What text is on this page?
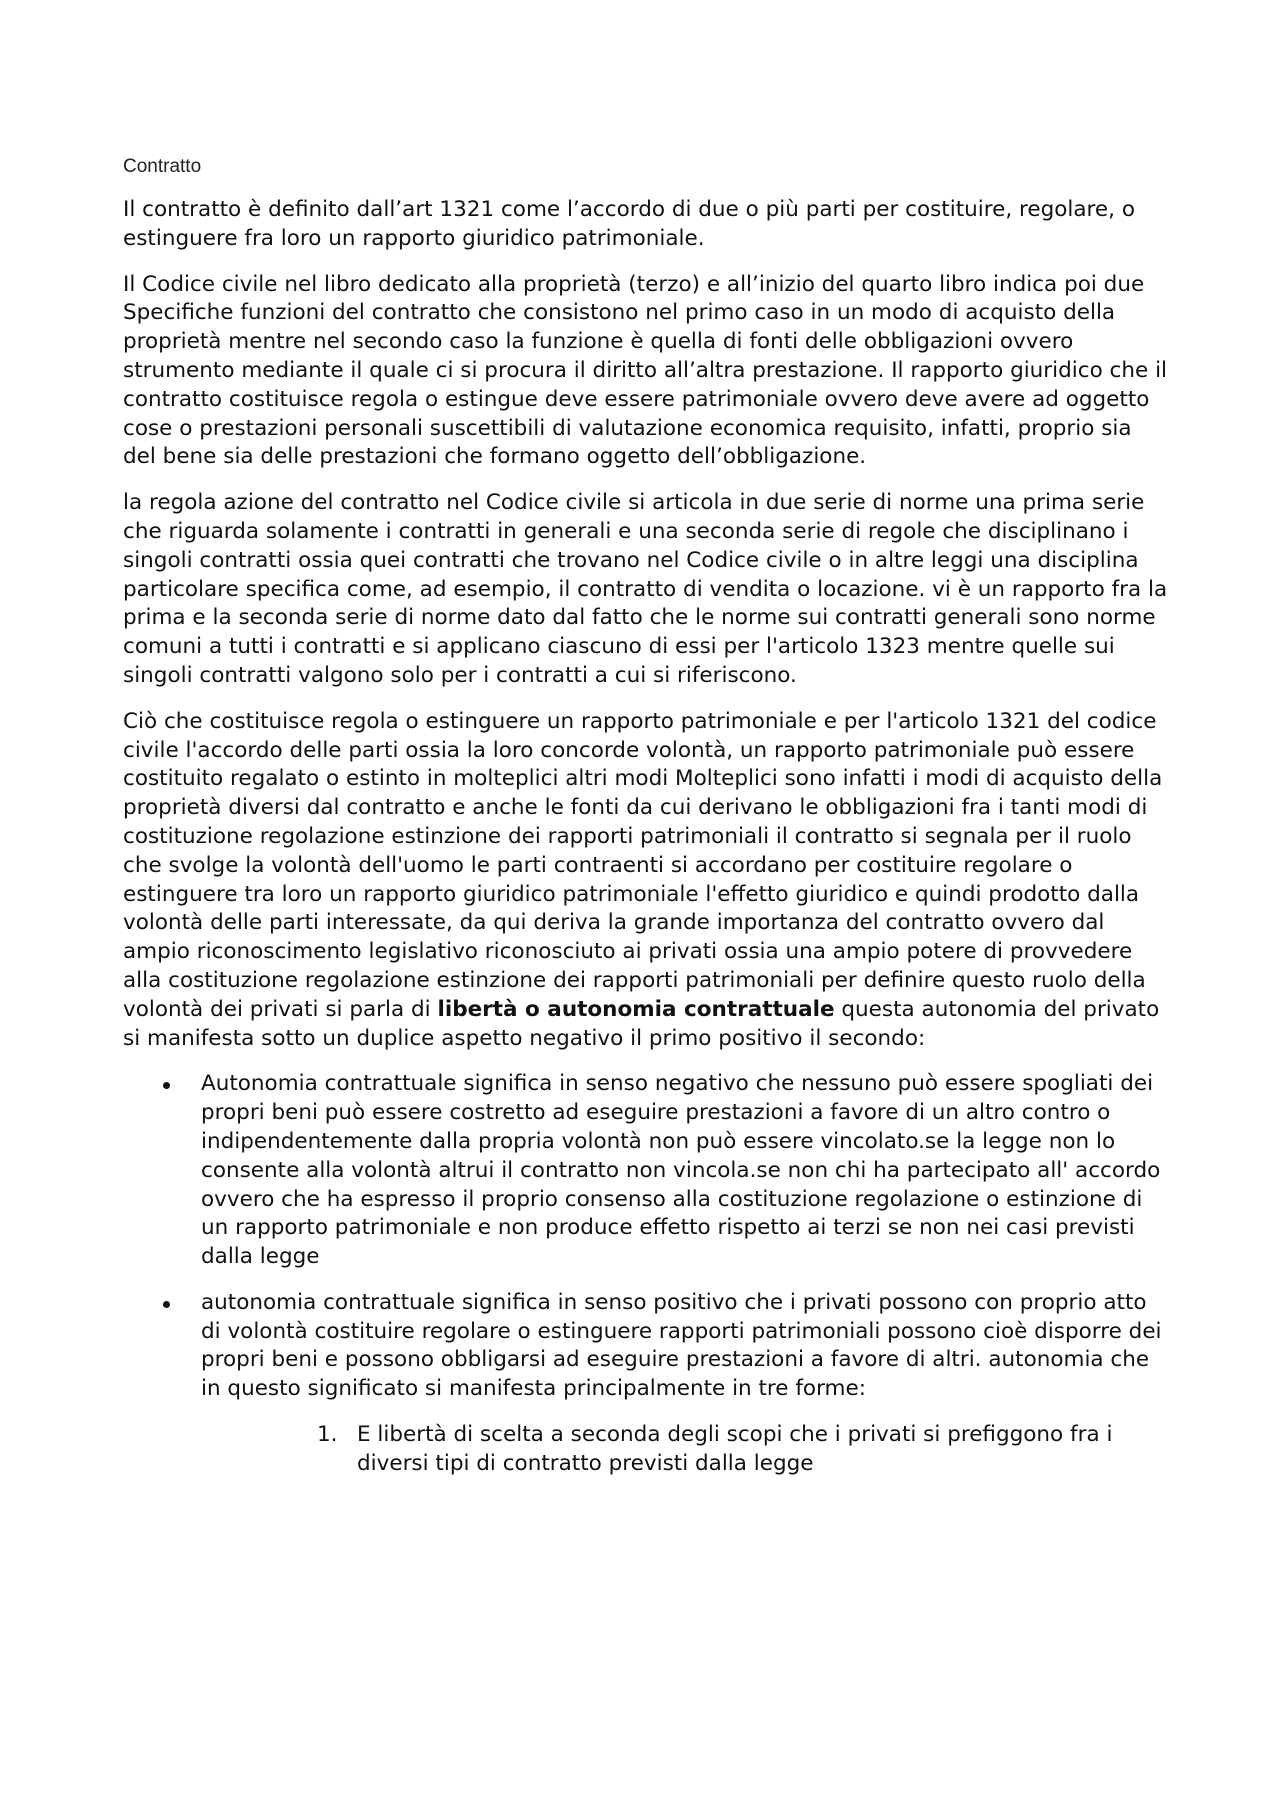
Contratto

Il contratto è definito dall’art 1321 come l’accordo di due o più parti per costituire, regolare, o estinguere fra loro un rapporto giuridico patrimoniale.

Il Codice civile nel libro dedicato alla proprietà (terzo) e all’inizio del quarto libro indica poi due Specifiche funzioni del contratto che consistono nel primo caso in un modo di acquisto della proprietà mentre nel secondo caso la funzione è quella di fonti delle obbligazioni ovvero strumento mediante il quale ci si procura il diritto all’altra prestazione. Il rapporto giuridico che il contratto costituisce regola o estingue deve essere patrimoniale ovvero deve avere ad oggetto cose o prestazioni personali suscettibili di valutazione economica requisito, infatti, proprio sia del bene sia delle prestazioni che formano oggetto dell’obbligazione.

la regola azione del contratto nel Codice civile si articola in due serie di norme una prima serie che riguarda solamente i contratti in generali e una seconda serie di regole che disciplinano i singoli contratti ossia quei contratti che trovano nel Codice civile o in altre leggi una disciplina particolare specifica come, ad esempio, il contratto di vendita o locazione. vi è un rapporto fra la prima e la seconda serie di norme dato dal fatto che le norme sui contratti generali sono norme comuni a tutti i contratti e si applicano ciascuno di essi per l'articolo 1323 mentre quelle sui singoli contratti valgono solo per i contratti a cui si riferiscono.

Ciò che costituisce regola o estinguere un rapporto patrimoniale e per l'articolo 1321 del codice civile l'accordo delle parti ossia la loro concorde volontà, un rapporto patrimoniale può essere costituito regalato o estinto in molteplici altri modi Molteplici sono infatti i modi di acquisto della proprietà diversi dal contratto e anche le fonti da cui derivano le obbligazioni fra i tanti modi di costituzione regolazione estinzione dei rapporti patrimoniali il contratto si segnala per il ruolo che svolge la volontà dell'uomo le parti contraenti si accordano per costituire regolare o estinguere tra loro un rapporto giuridico patrimoniale l'effetto giuridico e quindi prodotto dalla volontà delle parti interessate, da qui deriva la grande importanza del contratto ovvero dal ampio riconoscimento legislativo riconosciuto ai privati ossia una ampio potere di provvedere alla costituzione regolazione estinzione dei rapporti patrimoniali per definire questo ruolo della volontà dei privati si parla di libertà o autonomia contrattuale questa autonomia del privato si manifesta sotto un duplice aspetto negativo il primo positivo il secondo:

Autonomia contrattuale significa in senso negativo che nessuno può essere spogliati dei propri beni può essere costretto ad eseguire prestazioni a favore di un altro contro o indipendentemente dalla propria volontà non può essere vincolato.se la legge non lo consente alla volontà altrui il contratto non vincola.se non chi ha partecipato all' accordo ovvero che ha espresso il proprio consenso alla costituzione regolazione o estinzione di un rapporto patrimoniale e non produce effetto rispetto ai terzi se non nei casi previsti dalla legge
autonomia contrattuale significa in senso positivo che i privati possono con proprio atto di volontà costituire regolare o estinguere rapporti patrimoniali possono cioè disporre dei propri beni e possono obbligarsi ad eseguire prestazioni a favore di altri. autonomia che in questo significato si manifesta principalmente in tre forme:
1. E libertà di scelta a seconda degli scopi che i privati si prefiggono fra i diversi tipi di contratto previsti dalla legge
